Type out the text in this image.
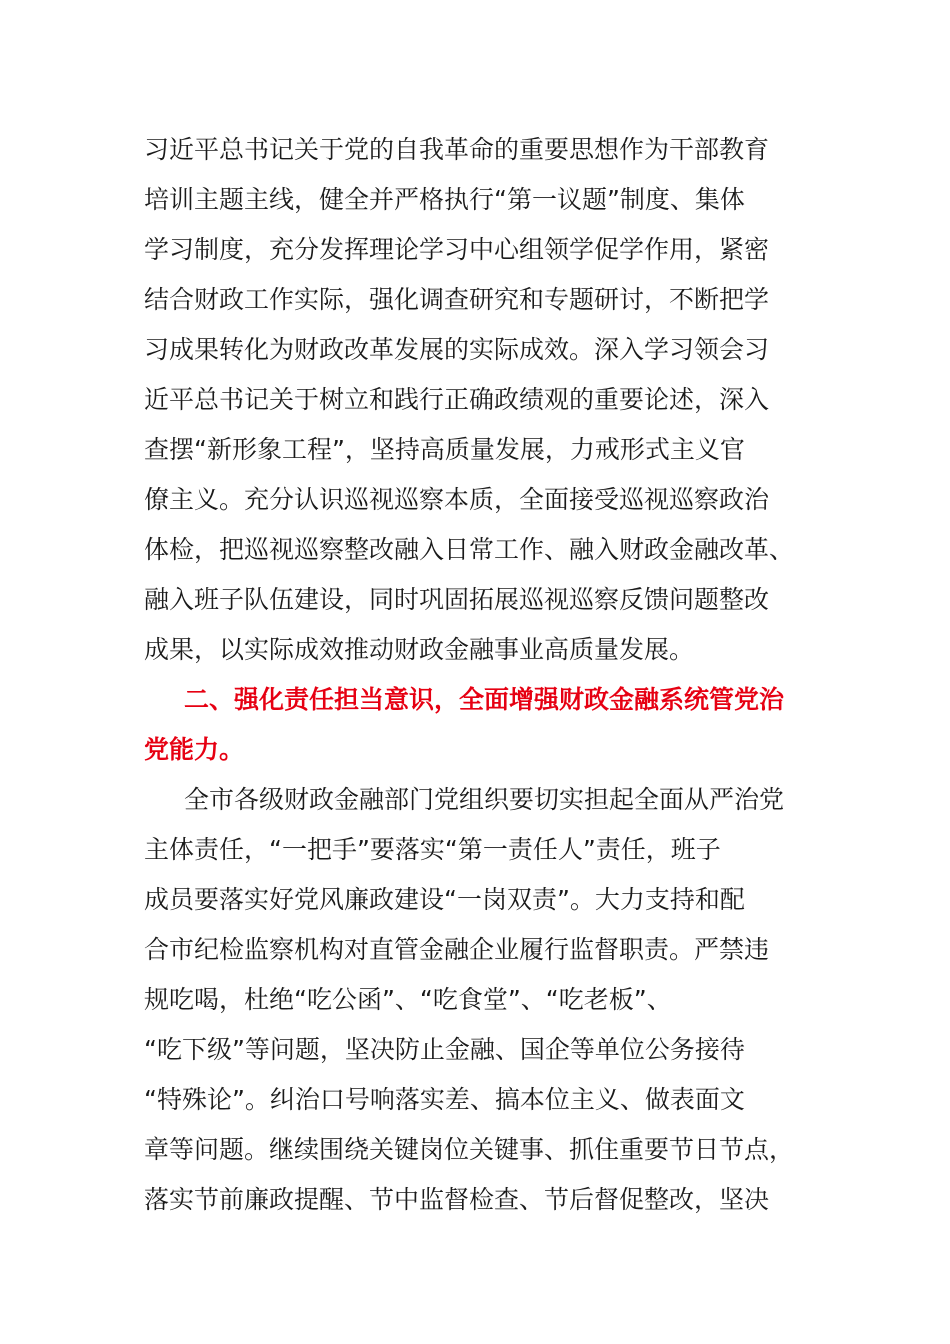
习近平总书记关于党的自我革命的重要思想作为干部教育
培训主题主线，健全并严格执行“第一议题”制度、集体
学习制度，充分发挥理论学习中心组领学促学作用，紧密
结合财政工作实际，强化调查研究和专题研讨，不断把学
习成果转化为财政改革发展的实际成效。深入学习领会习
近平总书记关于树立和践行正确政绩观的重要论述，深入
查摆“新形象工程”，坚持高质量发展，力戒形式主义官
僚主义。充分认识巡视巡察本质，全面接受巡视巡察政治
体检，把巡视巡察整改融入日常工作、融入财政金融改革、
融入班子队伍建设，同时巩固拓展巡视巡察反馈问题整改
成果，以实际成效推动财政金融事业高质量发展。
二、强化责任担当意识，全面增强财政金融系统管党治
党能力。
全市各级财政金融部门党组织要切实担起全面从严治党
主体责任，“一把手”要落实“第一责任人”责任，班子
成员要落实好党风廉政建设“一岗双责”。大力支持和配
合市纪检监察机构对直管金融企业履行监督职责。严禁违
规吃喝，杜绝“吃公函”、“吃食堂”、“吃老板”、
“吃下级”等问题，坚决防止金融、国企等单位公务接待
“特殊论”。纠治口号响落实差、搞本位主义、做表面文
章等问题。继续围绕关键岗位关键事、抓住重要节日节点，
落实节前廉政提醒、节中监督检查、节后督促整改，坚决
